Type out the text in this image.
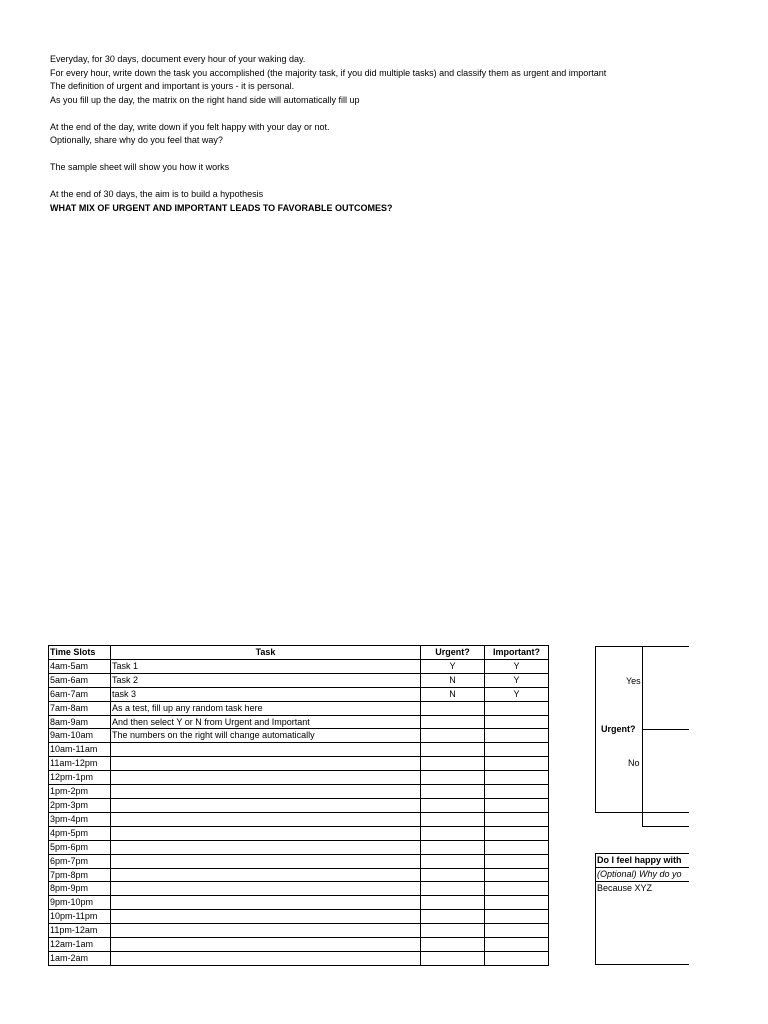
Everyday, for 30 days, document every hour of your waking day.
For every hour, write down the task you accomplished (the majority task, if you did multiple tasks) and classify them as urgent and important
The definition of urgent and important is yours - it is personal.
As you fill up the day, the matrix on the right hand side will automatically fill up
At the end of the day, write down if you felt happy with your day or not.
Optionally, share why do you feel that way?
The sample sheet will show you how it works
At the end of 30 days, the aim is to build a hypothesis
WHAT MIX OF URGENT AND IMPORTANT LEADS TO FAVORABLE OUTCOMES?
Time Slots	Task	Urgent?	Important?
4am-5am	Task 1	Y	Y
5am-6am	Task 2	N	Y
6am-7am	task 3	N	Y
7am-8am	As a test, fill up any random task here		
8am-9am	And then select Y or N from Urgent and Important		
9am-10am	The numbers on the right will change automatically		
10am-11am			
11am-12pm			
12pm-1pm			
1pm-2pm			
2pm-3pm			
3pm-4pm			
4pm-5pm			
5pm-6pm			
6pm-7pm			
7pm-8pm			
8pm-9pm			
9pm-10pm			
10pm-11pm			
11pm-12am			
12am-1am			
1am-2am			
Yes
Urgent?
No
Do I feel happy with
(Optional) Why do yo
Because XYZ
